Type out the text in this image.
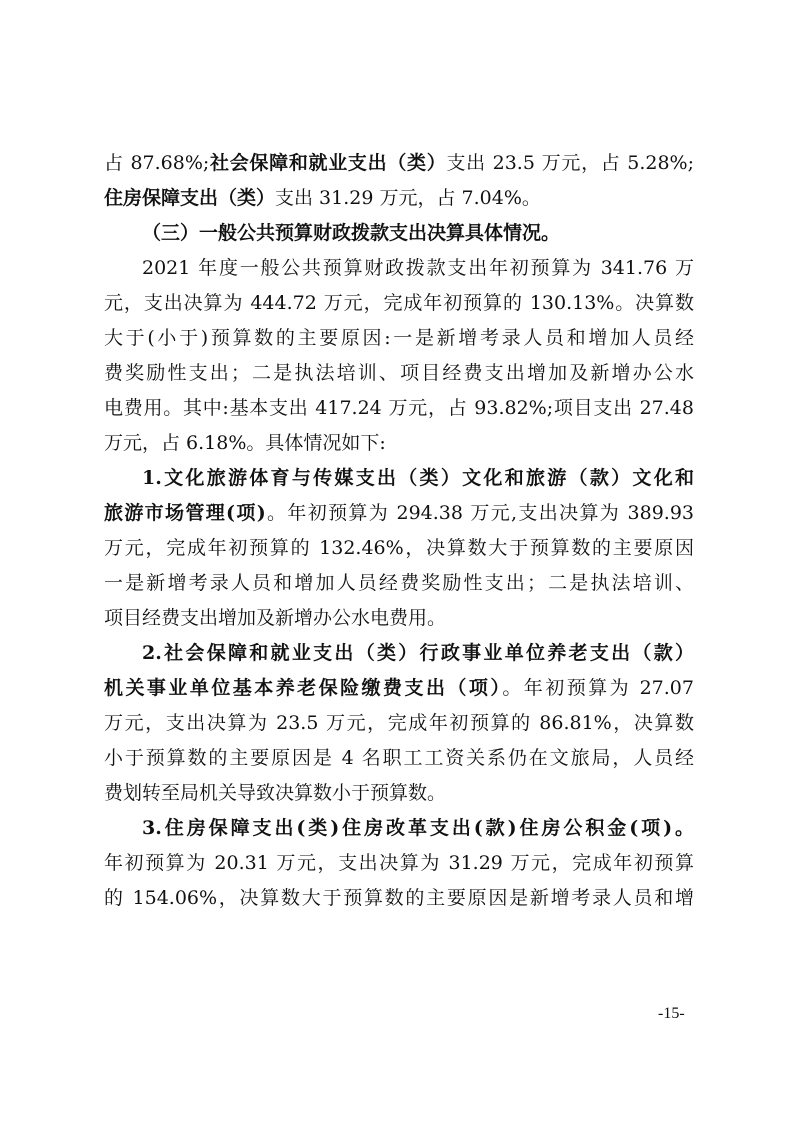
占 87.68%;社会保障和就业支出（类）支出 23.5 万元，占 5.28%;
住房保障支出（类）支出 31.29 万元，占 7.04%。
（三）一般公共预算财政拨款支出决算具体情况。
2021 年度一般公共预算财政拨款支出年初预算为 341.76 万
元，支出决算为 444.72 万元，完成年初预算的 130.13%。决算数
大于(小于)预算数的主要原因:一是新增考录人员和增加人员经
费奖励性支出；二是执法培训、项目经费支出增加及新增办公水
电费用。其中:基本支出 417.24 万元，占 93.82%;项目支出 27.48
万元，占 6.18%。具体情况如下:
1.文化旅游体育与传媒支出（类）文化和旅游（款）文化和
旅游市场管理(项)。年初预算为 294.38 万元,支出决算为 389.93
万元，完成年初预算的 132.46%，决算数大于预算数的主要原因
一是新增考录人员和增加人员经费奖励性支出；二是执法培训、
项目经费支出增加及新增办公水电费用。
2.社会保障和就业支出（类）行政事业单位养老支出（款）
机关事业单位基本养老保险缴费支出（项）。年初预算为 27.07
万元，支出决算为 23.5 万元，完成年初预算的 86.81%，决算数
小于预算数的主要原因是 4 名职工工资关系仍在文旅局，人员经
费划转至局机关导致决算数小于预算数。
3.住房保障支出(类)住房改革支出(款)住房公积金(项)。
年初预算为 20.31 万元，支出决算为 31.29 万元，完成年初预算
的 154.06%，决算数大于预算数的主要原因是新增考录人员和增
-15-
